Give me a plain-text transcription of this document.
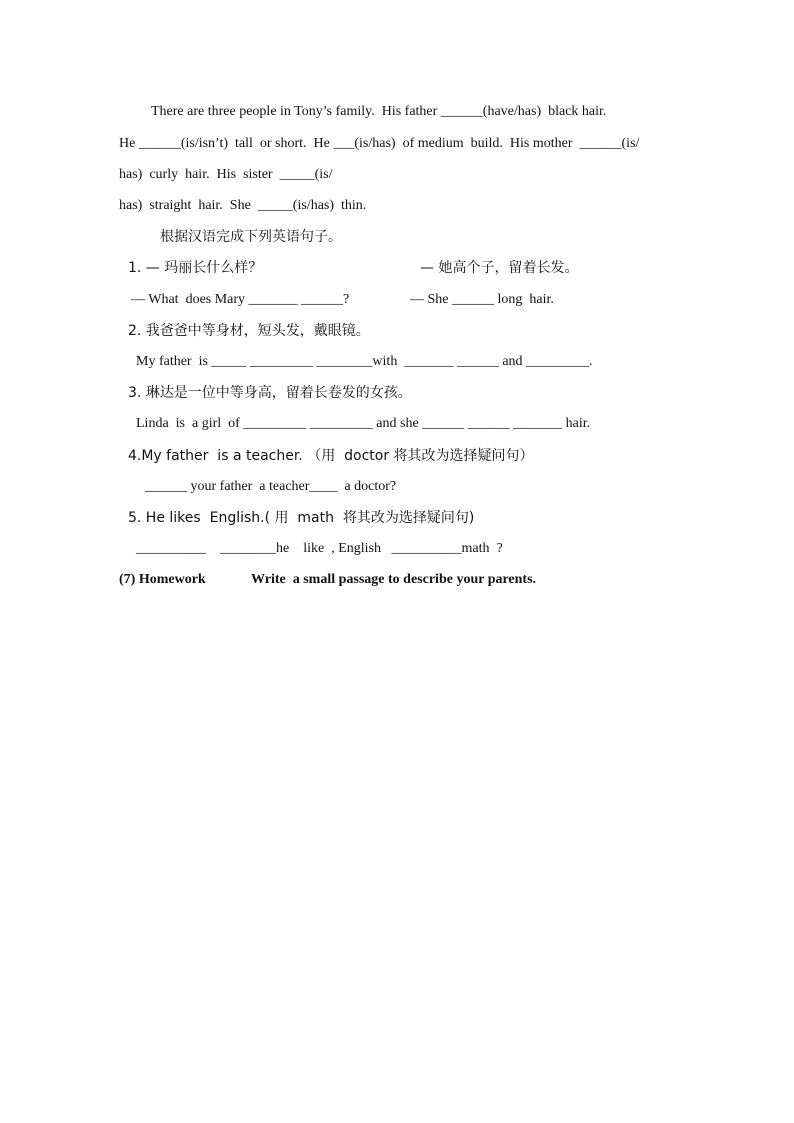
There are three people in Tony’s family.  His father ______(have/has)  black hair.
He ______(is/isn’t)  tall  or short.  He ___(is/has)  of medium  build.  His mother  ______(is/
has)  curly  hair.  His  sister  _____(is/
has)  straight  hair.  She  _____(is/has)  thin.
根据汉语完成下列英语句子。
1. — 玛丽长什么样？	— 她高个子，留着长发。
— What  does Mary _______ ______?	— She ______ long  hair.
2. 我爸爸中等身材，短头发，戴眼镜。
My father  is _____ _________ ________with  _______ ______ and _________.
3. 琳达是一位中等身高，留着长卷发的女孩。
Linda  is  a girl  of _________ _________ and she ______ ______ _______ hair.
4.My father  is a teacher. （用  doctor 将其改为选择疑问句）
______ your father  a teacher____  a doctor?
5. He likes  English.( 用  math  将其改为选择疑问句)
__________    ________he    like  , English   __________math  ?
(7) Homework	Write  a small passage to describe your parents.
